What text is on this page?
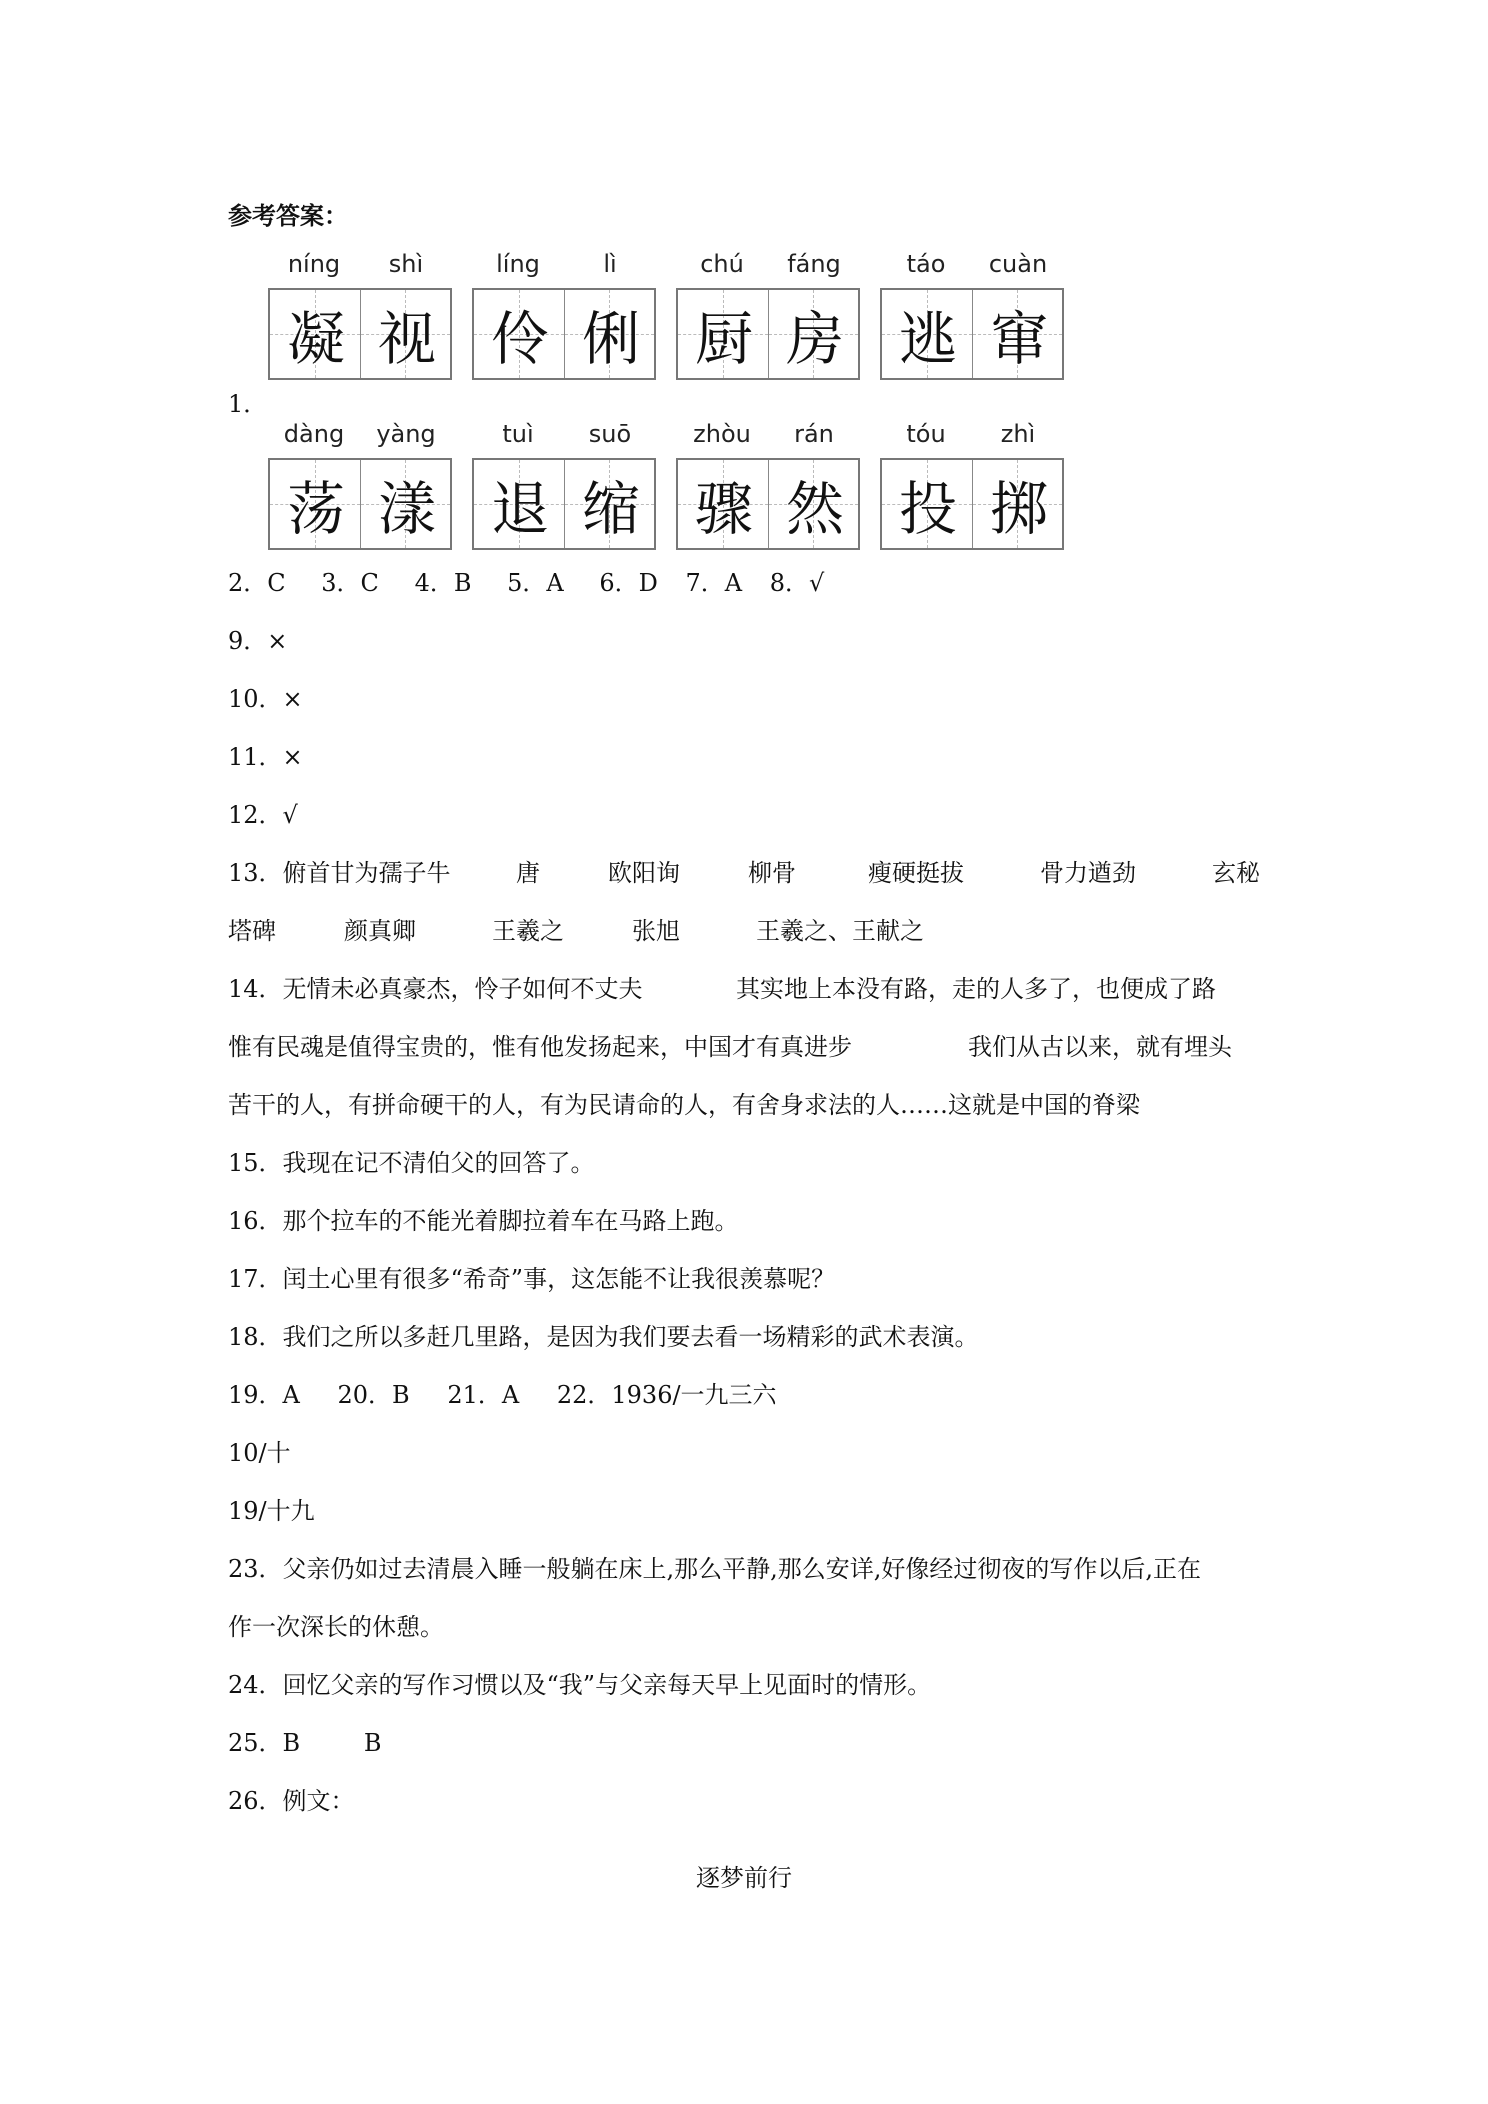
参考答案：
níng	shì
凝 视
líng	lì
伶 俐
chú	fáng
厨 房
táo	cuàn
逃 窜
1．
dàng	yàng
荡 漾
tuì	suō
退 缩
zhòu	rán
骤 然
tóu	zhì
投 掷
2．C 3．C 4．B 5．A 6．D 7．A 8．√
9．×
10．×
11．×
12．√
13．俯首甘为孺子牛	唐	欧阳询	柳骨	瘦硬挺拔	骨力遒劲	玄秘
塔碑	颜真卿	王羲之	张旭	王羲之、王献之
14．无情未必真豪杰，怜子如何不丈夫	其实地上本没有路，走的人多了，也便成了路
惟有民魂是值得宝贵的，惟有他发扬起来，中国才有真进步	我们从古以来，就有埋头
苦干的人，有拼命硬干的人，有为民请命的人，有舍身求法的人……这就是中国的脊梁
15．我现在记不清伯父的回答了。
16．那个拉车的不能光着脚拉着车在马路上跑。
17．闰土心里有很多“希奇”事，这怎能不让我很羡慕呢？
18．我们之所以多赶几里路，是因为我们要去看一场精彩的武术表演。
19．A 20．B 21．A 22．1936/一九三六
10/十
19/十九
23．父亲仍如过去清晨入睡一般躺在床上,那么平静,那么安详,好像经过彻夜的写作以后,正在
作一次深长的休憩。
24．回忆父亲的写作习惯以及“我”与父亲每天早上见面时的情形。
25．B	B
26．例文：
逐梦前行
